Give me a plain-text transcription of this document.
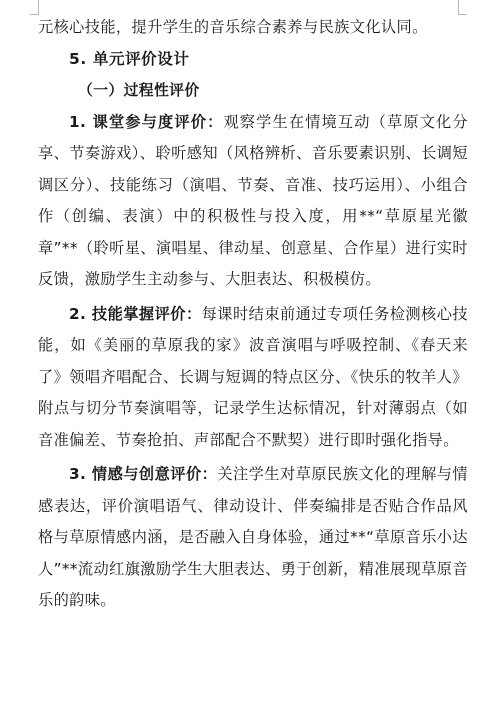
元核心技能，提升学生的音乐综合素养与民族文化认同。

5. 单元评价设计

（一）过程性评价

1. 课堂参与度评价：观察学生在情境互动（草原文化分享、节奏游戏）、聆听感知（风格辨析、音乐要素识别、长调短调区分）、技能练习（演唱、节奏、音准、技巧运用）、小组合作（创编、表演）中的积极性与投入度，用**“草原星光徽章”**（聆听星、演唱星、律动星、创意星、合作星）进行实时反馈，激励学生主动参与、大胆表达、积极模仿。

2. 技能掌握评价：每课时结束前通过专项任务检测核心技能，如《美丽的草原我的家》波音演唱与呼吸控制、《春天来了》领唱齐唱配合、长调与短调的特点区分、《快乐的牧羊人》附点与切分节奏演唱等，记录学生达标情况，针对薄弱点（如音准偏差、节奏抢拍、声部配合不默契）进行即时强化指导。

3. 情感与创意评价：关注学生对草原民族文化的理解与情感表达，评价演唱语气、律动设计、伴奏编排是否贴合作品风格与草原情感内涵，是否融入自身体验，通过**“草原音乐小达人”**流动红旗激励学生大胆表达、勇于创新，精准展现草原音乐的韵味。
